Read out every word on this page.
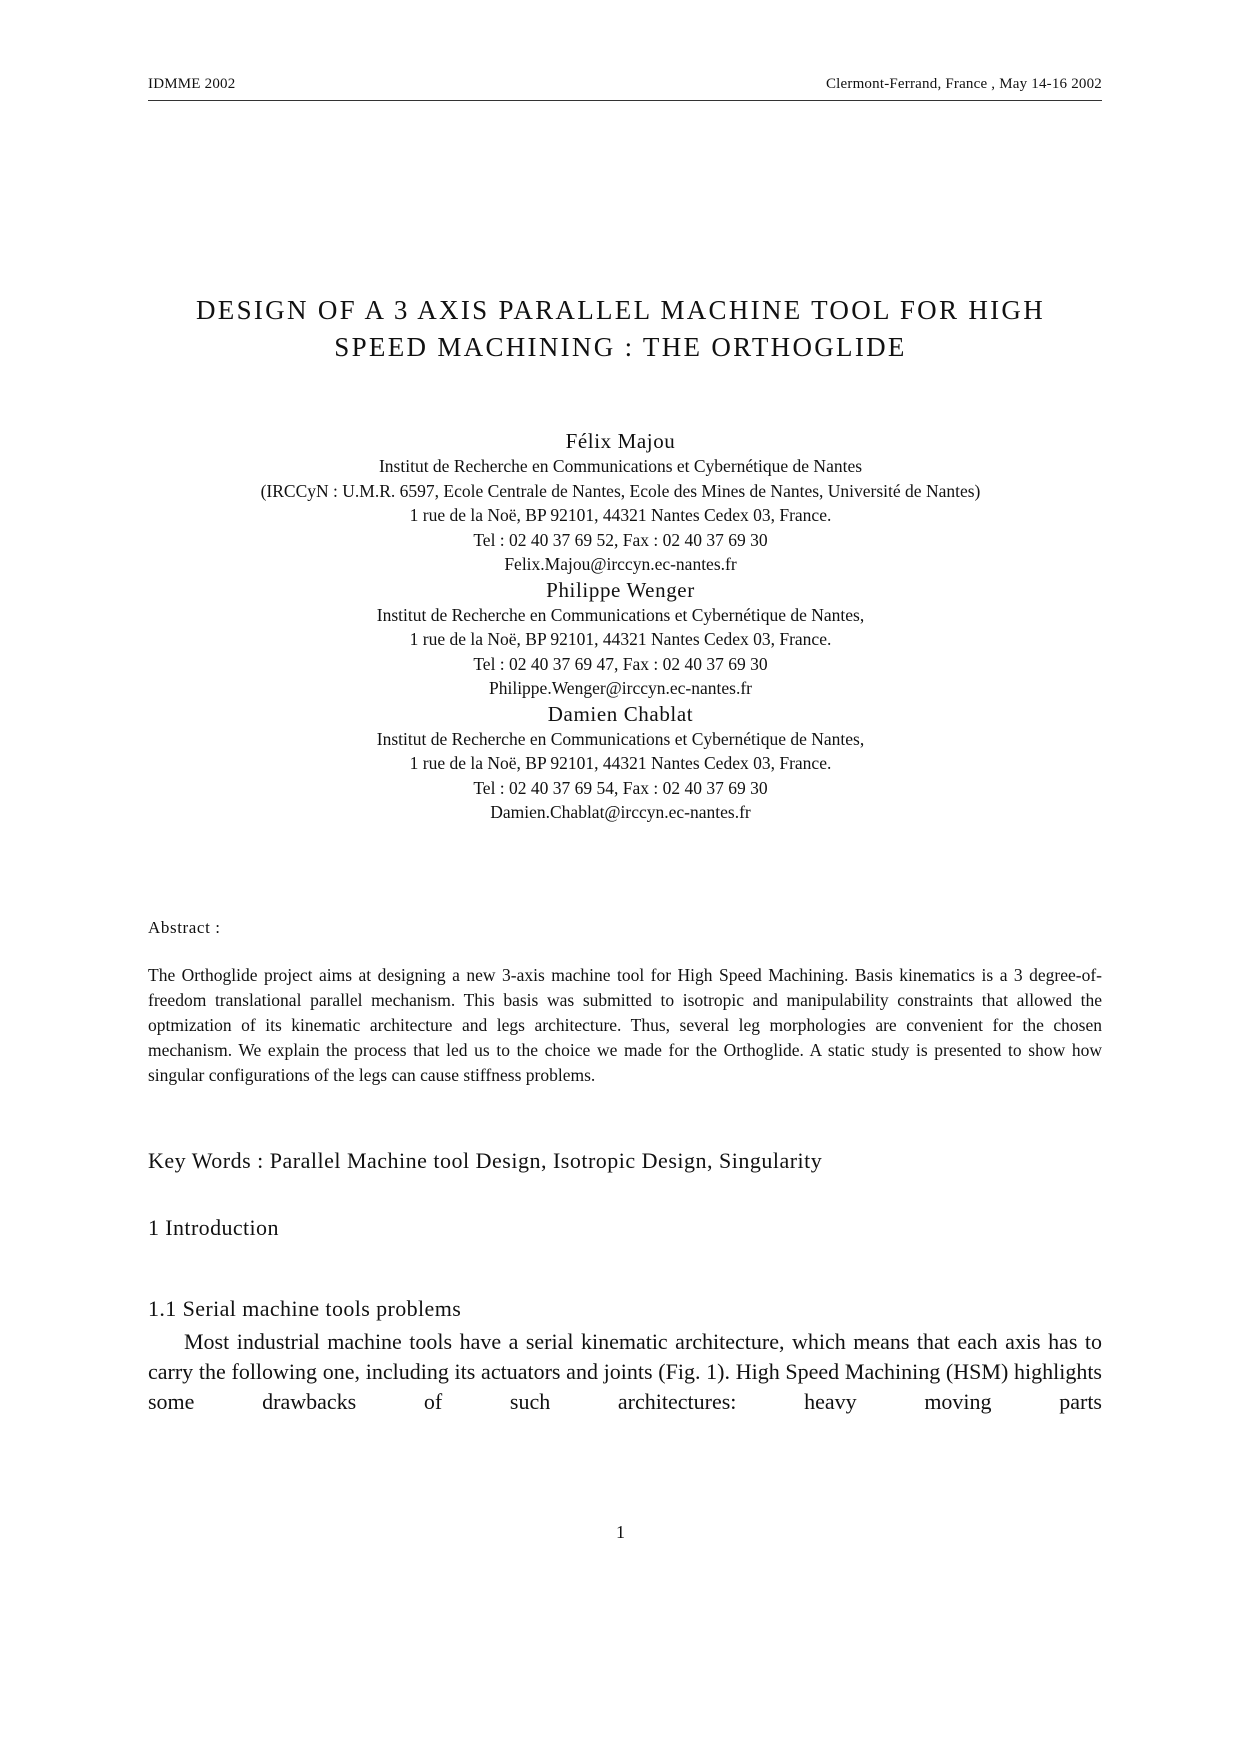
IDMME 2002	Clermont-Ferrand, France , May 14-16 2002
DESIGN OF A 3 AXIS PARALLEL MACHINE TOOL FOR HIGH
SPEED MACHINING : THE ORTHOGLIDE
Félix Majou
Institut de Recherche en Communications et Cybernétique de Nantes
(IRCCyN : U.M.R. 6597, Ecole Centrale de Nantes, Ecole des Mines de Nantes, Université de Nantes)
1 rue de la Noë, BP 92101, 44321 Nantes Cedex 03, France.
Tel : 02 40 37 69 52, Fax : 02 40 37 69 30
Felix.Majou@irccyn.ec-nantes.fr
Philippe Wenger
Institut de Recherche en Communications et Cybernétique de Nantes,
1 rue de la Noë, BP 92101, 44321 Nantes Cedex 03, France.
Tel : 02 40 37 69 47, Fax : 02 40 37 69 30
Philippe.Wenger@irccyn.ec-nantes.fr
Damien Chablat
Institut de Recherche en Communications et Cybernétique de Nantes,
1 rue de la Noë, BP 92101, 44321 Nantes Cedex 03, France.
Tel : 02 40 37 69 54, Fax : 02 40 37 69 30
Damien.Chablat@irccyn.ec-nantes.fr
Abstract :
The Orthoglide project aims at designing a new 3-axis machine tool for High Speed Machining. Basis kinematics is a 3 degree-of-freedom translational parallel mechanism. This basis was submitted to isotropic and manipulability constraints that allowed the optmization of its kinematic architecture and legs architecture. Thus, several leg morphologies are convenient for the chosen mechanism. We explain the process that led us to the choice we made for the Orthoglide. A static study is presented to show how singular configurations of the legs can cause stiffness problems.
Key Words : Parallel Machine tool Design, Isotropic Design, Singularity
1 Introduction
1.1 Serial machine tools problems
Most industrial machine tools have a serial kinematic architecture, which means that each axis has to carry the following one, including its actuators and joints (Fig. 1). High Speed Machining (HSM) highlights some drawbacks of such architectures: heavy moving parts
1
